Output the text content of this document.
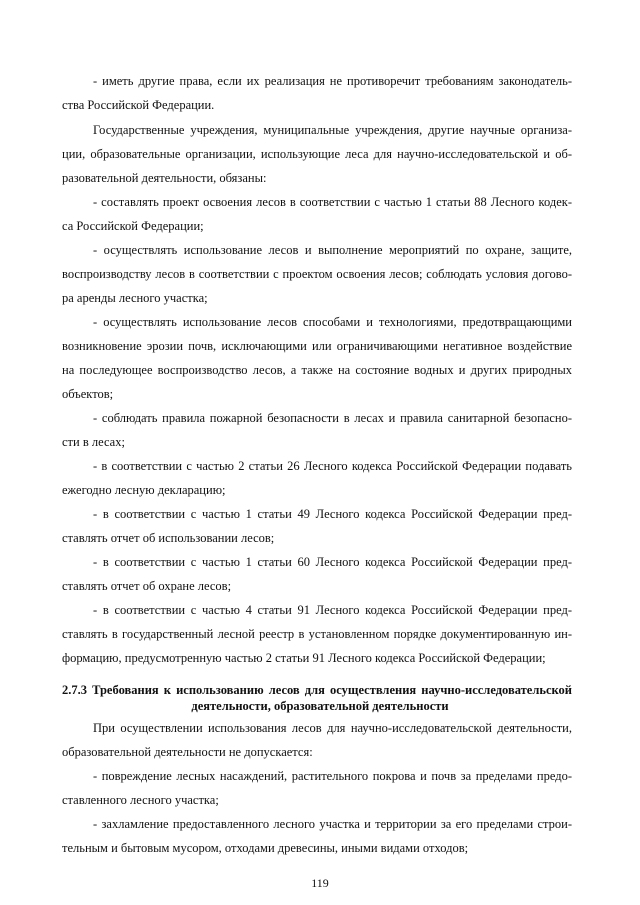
- иметь другие права, если их реализация не противоречит требованиям законодатель-
ства Российской Федерации.
Государственные учреждения, муниципальные учреждения, другие научные организа-
ции, образовательные организации, использующие леса для научно-исследовательской и об-
разовательной деятельности, обязаны:
- составлять проект освоения лесов в соответствии с частью 1 статьи 88 Лесного кодек-
са Российской Федерации;
- осуществлять использование лесов и выполнение мероприятий по охране, защите,
воспроизводству лесов в соответствии с проектом освоения лесов; соблюдать условия догово-
ра аренды лесного участка;
- осуществлять использование лесов способами и технологиями, предотвращающими
возникновение эрозии почв, исключающими или ограничивающими негативное воздействие
на последующее воспроизводство лесов, а также на состояние водных и других природных
объектов;
- соблюдать правила пожарной безопасности в лесах и правила санитарной безопасно-
сти в лесах;
- в соответствии с частью 2 статьи 26 Лесного кодекса Российской Федерации подавать
ежегодно лесную декларацию;
- в соответствии с частью 1 статьи 49 Лесного кодекса Российской Федерации пред-
ставлять отчет об использовании лесов;
- в соответствии с частью 1 статьи 60 Лесного кодекса Российской Федерации пред-
ставлять отчет об охране лесов;
- в соответствии с частью 4 статьи 91 Лесного кодекса Российской Федерации пред-
ставлять в государственный лесной реестр в установленном порядке документированную ин-
формацию, предусмотренную частью 2 статьи 91 Лесного кодекса Российской Федерации;
2.7.3 Требования к использованию лесов для осуществления научно-исследовательской
деятельности, образовательной деятельности
При осуществлении использования лесов для научно-исследовательской деятельности,
образовательной деятельности не допускается:
- повреждение лесных насаждений, растительного покрова и почв за пределами предо-
ставленного лесного участка;
- захламление предоставленного лесного участка и территории за его пределами строи-
тельным и бытовым мусором, отходами древесины, иными видами отходов;
119
